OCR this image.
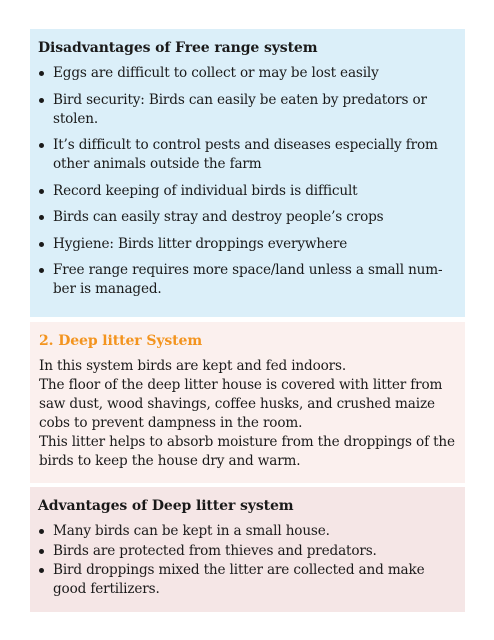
Disadvantages of Free range system
Eggs are difficult to collect or may be lost easily
Bird security: Birds can easily be eaten by predators or stolen.
It’s difficult to control pests and diseases especially from other animals outside the farm
Record keeping of individual birds is difficult
Birds can easily stray and destroy people’s crops
Hygiene: Birds litter droppings everywhere
Free range requires more space/land unless a small number is managed.
2. Deep litter System

In this system birds are kept and fed indoors.

The floor of the deep litter house is covered with litter from saw dust, wood shavings, coffee husks, and crushed maize cobs to prevent dampness in the room.

This litter helps to absorb moisture from the droppings of the birds to keep the house dry and warm.

Advantages of Deep litter system
Many birds can be kept in a small house.
Birds are protected from thieves and predators.
Bird droppings mixed the litter are collected and make good fertilizers.
